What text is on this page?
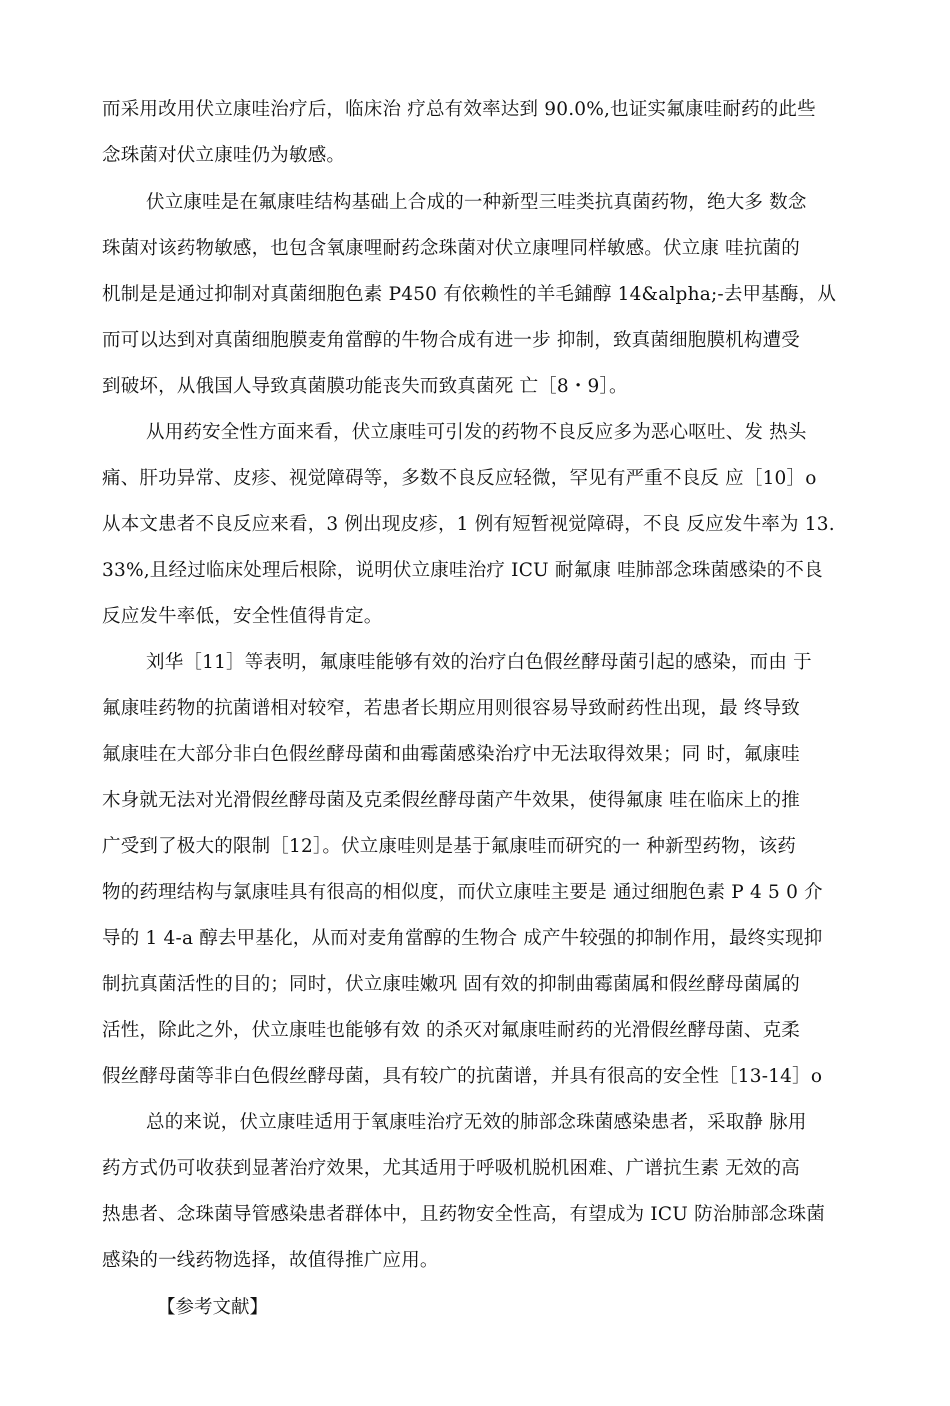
而采用改用伏立康哇治疗后，临床治 疗总有效率达到 90.0%,也证实氟康哇耐药的此些
念珠菌对伏立康哇仍为敏感。
伏立康哇是在氟康哇结构基础上合成的一种新型三哇类抗真菌药物，绝大多 数念
珠菌对该药物敏感，也包含氧康哩耐药念珠菌对伏立康哩同样敏感。伏立康 哇抗菌的
机制是是通过抑制对真菌细胞色素 P450 有依赖性的羊毛鋪醇 14&alpha;-去甲基酶，从
而可以达到对真菌细胞膜麦角當醇的牛物合成有进一步 抑制，致真菌细胞膜机构遭受
到破坏，从俄国人导致真菌膜功能丧失而致真菌死 亡［8・9］。
从用药安全性方面来看，伏立康哇可引发的药物不良反应多为恶心呕吐、发 热头
痛、肝功异常、皮疹、视觉障碍等，多数不良反应轻微，罕见有严重不良反 应［10］o
从本文患者不良反应来看，3 例出现皮疹，1 例有短暂视觉障碍，不良 反应发牛率为 13.
33%,且经过临床处理后根除，说明伏立康哇治疗 ICU 耐氟康 哇肺部念珠菌感染的不良
反应发牛率低，安全性值得肯定。
刘华［11］等表明，氟康哇能够有效的治疗白色假丝酵母菌引起的感染，而由 于
氟康哇药物的抗菌谱相对较窄，若患者长期应用则很容易导致耐药性出现，最 终导致
氟康哇在大部分非白色假丝酵母菌和曲霉菌感染治疗中无法取得效果；同 时，氟康哇
木身就无法对光滑假丝酵母菌及克柔假丝酵母菌产牛效果，使得氟康 哇在临床上的推
广受到了极大的限制［12］。伏立康哇则是基于氟康哇而研究的一 种新型药物，该药
物的药理结构与氯康哇具有很高的相似度，而伏立康哇主要是 通过细胞色素 P 4 5 0 介
导的 1 4-a 醇去甲基化，从而对麦角當醇的生物合 成产牛较强的抑制作用，最终实现抑
制抗真菌活性的目的；同时，伏立康哇嫩巩 固有效的抑制曲霉菌属和假丝酵母菌属的
活性，除此之外，伏立康哇也能够有效 的杀灭对氟康哇耐药的光滑假丝酵母菌、克柔
假丝酵母菌等非白色假丝酵母菌，具有较广的抗菌谱，并具有很高的安全性［13-14］o
总的来说，伏立康哇适用于氧康哇治疗无效的肺部念珠菌感染患者，采取静 脉用
药方式仍可收获到显著治疗效果，尤其适用于呼吸机脱机困难、广谱抗生素 无效的高
热患者、念珠菌导管感染患者群体中，且药物安全性高，有望成为 ICU 防治肺部念珠菌
感染的一线药物选择，故值得推广应用。
【参考文献】
